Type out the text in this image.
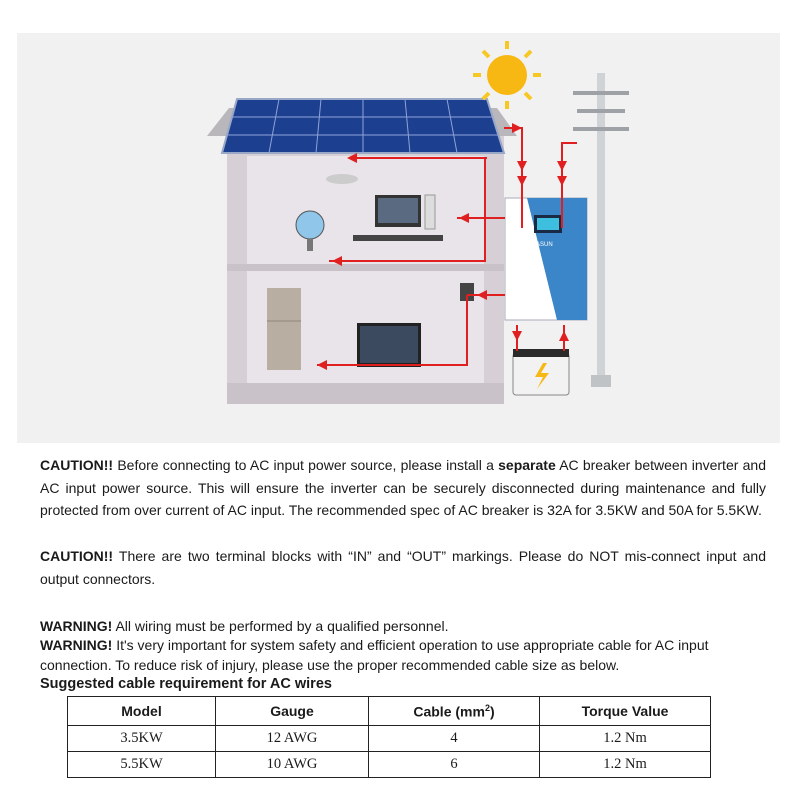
EASUN
CAUTION!! Before connecting to AC input power source, please install a separate AC breaker between inverter and AC input power source. This will ensure the inverter can be securely disconnected during maintenance and fully protected from over current of AC input. The recommended spec of AC breaker is 32A for 3.5KW and 50A for 5.5KW.
CAUTION!! There are two terminal blocks with “IN” and “OUT” markings. Please do NOT mis-connect input and output connectors.
WARNING! All wiring must be performed by a qualified personnel.
WARNING! It's very important for system safety and efficient operation to use appropriate cable for AC input connection. To reduce risk of injury, please use the proper recommended cable size as below.
Suggested cable requirement for AC wires
Model	Gauge	Cable $(mm^2)$	Torque Value
3.5KW	12 AWG	4	1.2 Nm
5.5KW	10 AWG	6	1.2 Nm
